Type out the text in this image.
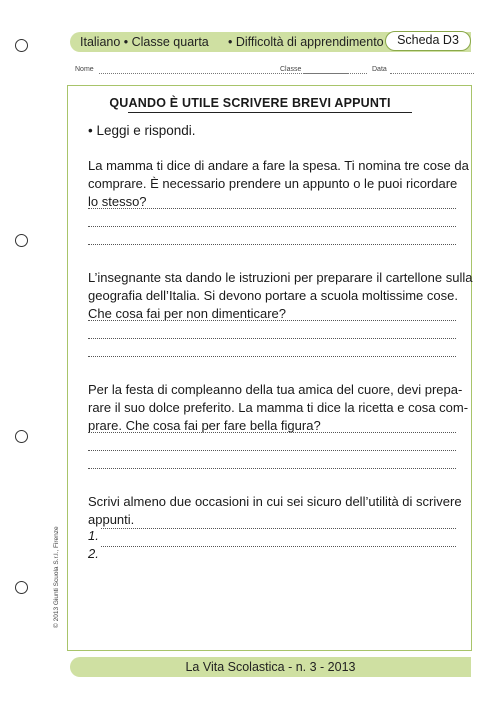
Italiano • Classe quarta • Difficoltà di apprendimento	Scheda D3
Nome	Classe	Data
QUANDO È UTILE SCRIVERE BREVI APPUNTI
• Leggi e rispondi.
La mamma ti dice di andare a fare la spesa. Ti nomina tre cose da
comprare. È necessario prendere un appunto o le puoi ricordare
lo stesso?
L’insegnante sta dando le istruzioni per preparare il cartellone sulla
geografia dell’Italia. Si devono portare a scuola moltissime cose.
Che cosa fai per non dimenticare?
Per la festa di compleanno della tua amica del cuore, devi prepa-
rare il suo dolce preferito. La mamma ti dice la ricetta e cosa com-
prare. Che cosa fai per fare bella figura?
Scrivi almeno due occasioni in cui sei sicuro dell’utilità di scrivere
appunti.
1.
2.
© 2013 Giunti Scuola S.r.l., Firenze
La Vita Scolastica - n. 3 - 2013
